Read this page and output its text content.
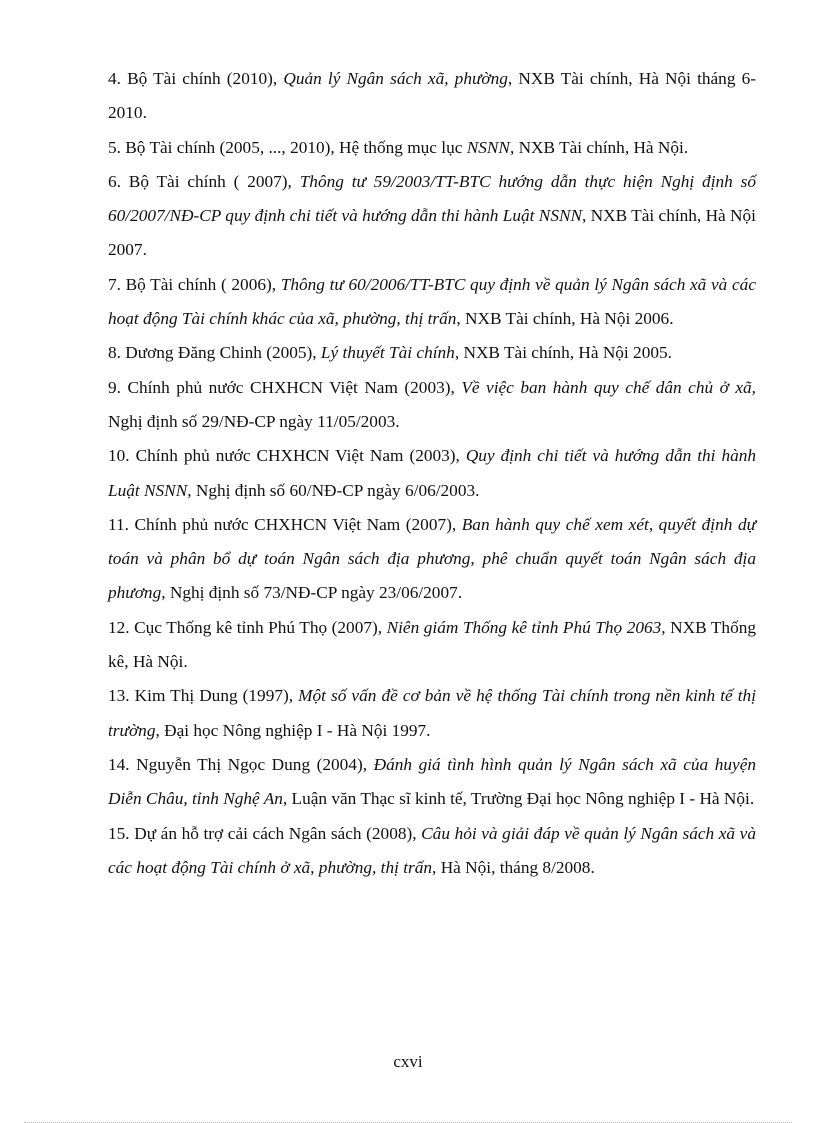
4. Bộ Tài chính (2010), Quản lý Ngân sách xã, phường, NXB Tài chính, Hà Nội tháng 6-2010.

5. Bộ Tài chính (2005, ..., 2010), Hệ thống mục lục NSNN, NXB Tài chính, Hà Nội.

6. Bộ Tài chính ( 2007), Thông tư 59/2003/TT-BTC hướng dẫn thực hiện Nghị định số 60/2007/NĐ-CP quy định chi tiết và hướng dẫn thi hành Luật NSNN, NXB Tài chính, Hà Nội 2007.

7. Bộ Tài chính ( 2006), Thông tư 60/2006/TT-BTC quy định về quản lý Ngân sách xã và các hoạt động Tài chính khác của xã, phường, thị trấn, NXB Tài chính, Hà Nội 2006.

8. Dương Đăng Chinh (2005), Lý thuyết Tài chính, NXB Tài chính, Hà Nội 2005.

9. Chính phủ nước CHXHCN Việt Nam (2003), Về việc ban hành quy chế dân chủ ở xã, Nghị định số 29/NĐ-CP ngày 11/05/2003.

10. Chính phủ nước CHXHCN Việt Nam (2003), Quy định chi tiết và hướng dẫn thi hành Luật NSNN, Nghị định số 60/NĐ-CP ngày 6/06/2003.

11. Chính phủ nước CHXHCN Việt Nam (2007), Ban hành quy chế xem xét, quyết định dự toán và phân bổ dự toán Ngân sách địa phương, phê chuẩn quyết toán Ngân sách địa phương, Nghị định số 73/NĐ-CP ngày 23/06/2007.

12. Cục Thống kê tỉnh Phú Thọ (2007), Niên giám Thống kê tỉnh Phú Thọ 2063, NXB Thống kê, Hà Nội.

13. Kim Thị Dung (1997), Một số vấn đề cơ bản về hệ thống Tài chính trong nền kinh tế thị trường, Đại học Nông nghiệp I - Hà Nội 1997.

14. Nguyễn Thị Ngọc Dung (2004), Đánh giá tình hình quản lý Ngân sách xã của huyện Diễn Châu, tỉnh Nghệ An, Luận văn Thạc sĩ kinh tế, Trường Đại học Nông nghiệp I - Hà Nội.

15. Dự án hỗ trợ cải cách Ngân sách (2008), Câu hỏi và giải đáp về quản lý Ngân sách xã và các hoạt động Tài chính ở xã, phường, thị trấn, Hà Nội, tháng 8/2008.

cxvi
